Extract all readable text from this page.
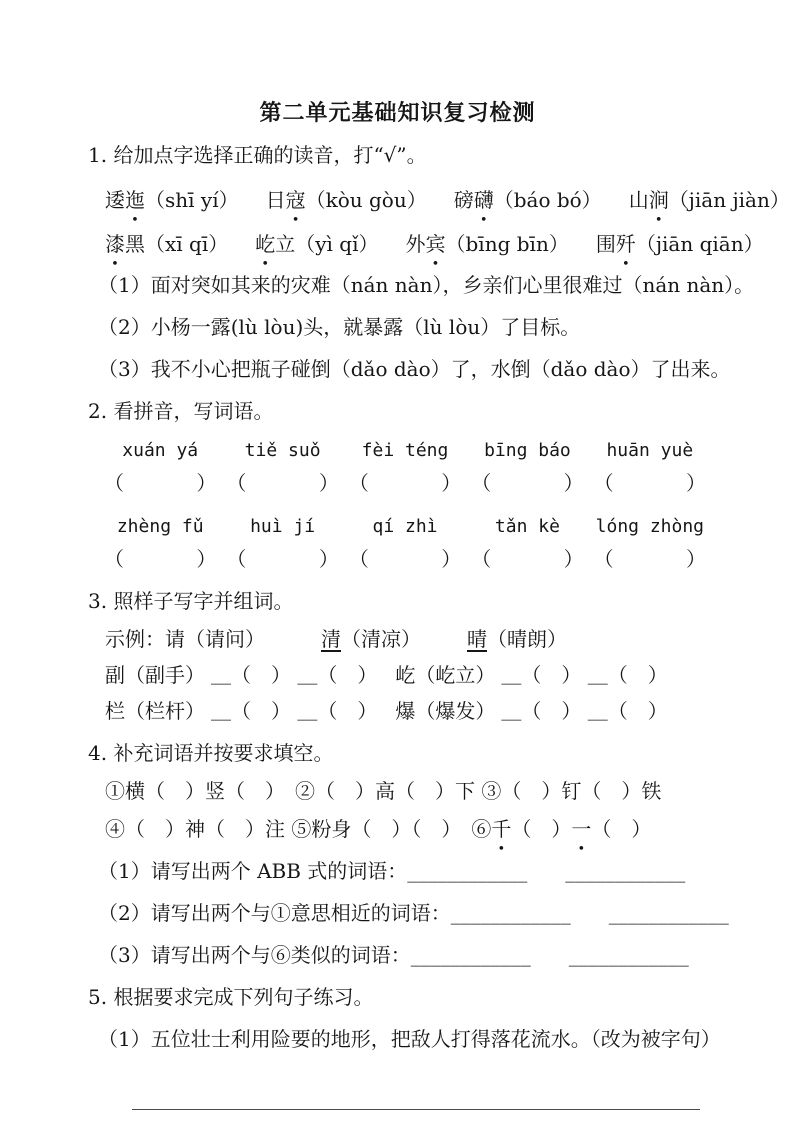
第二单元基础知识复习检测
1. 给加点字选择正确的读音，打“√”。
逶迤（shī yí） 日寇（kòu gòu） 磅礴（báo bó） 山涧（jiān jiàn）
漆黑（xī qī） 屹立（yì qǐ） 外宾（bīng bīn） 围歼（jiān qiān）
（1）面对突如其来的灾难（nán nàn），乡亲们心里很难过（nán nàn）。
（2）小杨一露(lù lòu)头，就暴露（lù lòu）了目标。
（3）我不小心把瓶子碰倒（dǎo dào）了，水倒（dǎo dào）了出来。
2. 看拼音，写词语。
xuán yá	tiě suǒ	fèi téng	bīng báo	huān yuè
（	） （	） （	） （	） （	）
zhèng fǔ	huì jí	qí zhì	tǎn kè	lóng zhòng
（	） （	） （	） （	） （	）
3. 照样子写字并组词。
示例：请（请问）	清（清凉） 晴（晴朗）
副（副手） ＿（　） ＿（　） 屹（屹立） ＿（　） ＿（　）
栏（栏杆） ＿（　） ＿（　） 爆（爆发） ＿（　） ＿（　）
4. 补充词语并按要求填空。
①横（　）竖（　）　②（　）高（　）下 ③（　）钉（　）铁
④（　）神（　）注 ⑤粉身（　）（　）　⑥千（　）一（　）
（1）请写出两个 ABB 式的词语：____________ ____________
（2）请写出两个与①意思相近的词语：____________ ____________
（3）请写出两个与⑥类似的词语：____________ ____________
5. 根据要求完成下列句子练习。
（1）五位壮士利用险要的地形，把敌人打得落花流水。（改为被字句）
